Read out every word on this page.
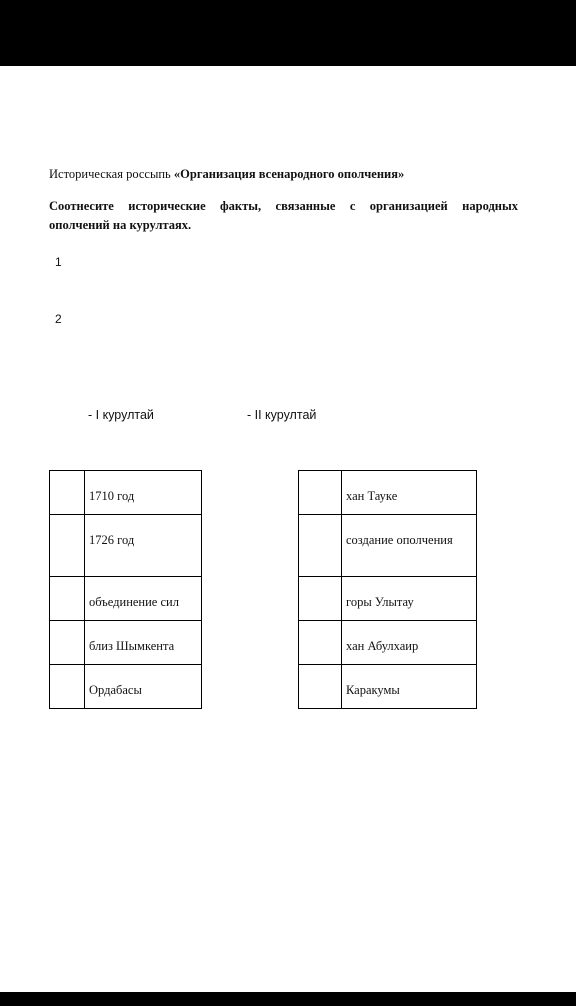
Историческая россыпь «Организация всенародного ополчения»
Соотнесите исторические факты, связанные с организацией народных
ополчений на курултаях.
1
2
- I курултай	- II курултай
	1710 год
	1726 год
	объединение сил
	близ Шымкента
	Ордабасы
	хан Тауке
	создание ополчения
	горы Улытау
	хан Абулхаир
	Каракумы
